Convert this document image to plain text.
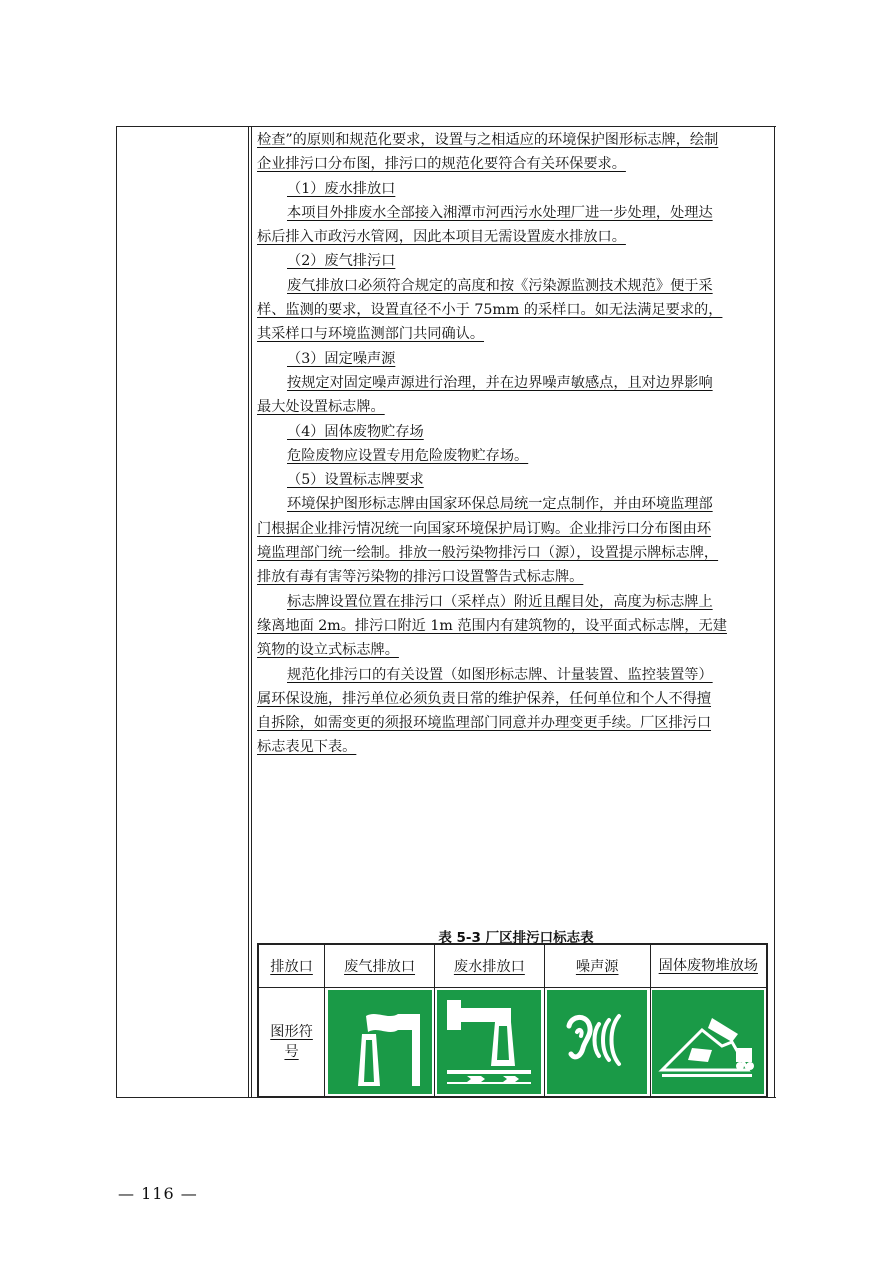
检查”的原则和规范化要求，设置与之相适应的环境保护图形标志牌，绘制
企业排污口分布图，排污口的规范化要符合有关环保要求。
（1）废水排放口
本项目外排废水全部接入湘潭市河西污水处理厂进一步处理，处理达
标后排入市政污水管网，因此本项目无需设置废水排放口。
（2）废气排污口
废气排放口必须符合规定的高度和按《污染源监测技术规范》便于采
样、监测的要求，设置直径不小于 75mm 的采样口。如无法满足要求的，
其采样口与环境监测部门共同确认。
（3）固定噪声源
按规定对固定噪声源进行治理，并在边界噪声敏感点，且对边界影响
最大处设置标志牌。
（4）固体废物贮存场
危险废物应设置专用危险废物贮存场。
（5）设置标志牌要求
环境保护图形标志牌由国家环保总局统一定点制作，并由环境监理部
门根据企业排污情况统一向国家环境保护局订购。企业排污口分布图由环
境监理部门统一绘制。排放一般污染物排污口（源），设置提示牌标志牌，
排放有毒有害等污染物的排污口设置警告式标志牌。
标志牌设置位置在排污口（采样点）附近且醒目处，高度为标志牌上
缘离地面 2m。排污口附近 1m 范围内有建筑物的，设平面式标志牌，无建
筑物的设立式标志牌。
规范化排污口的有关设置（如图形标志牌、计量装置、监控装置等）
属环保设施，排污单位必须负责日常的维护保养，任何单位和个人不得擅
自拆除，如需变更的须报环境监理部门同意并办理变更手续。厂区排污口
标志表见下表。
表 5-3 厂区排污口标志表
排放口	废气排放口	废水排放口	噪声源	固体废物堆放场
图形符号	

— 116 —
